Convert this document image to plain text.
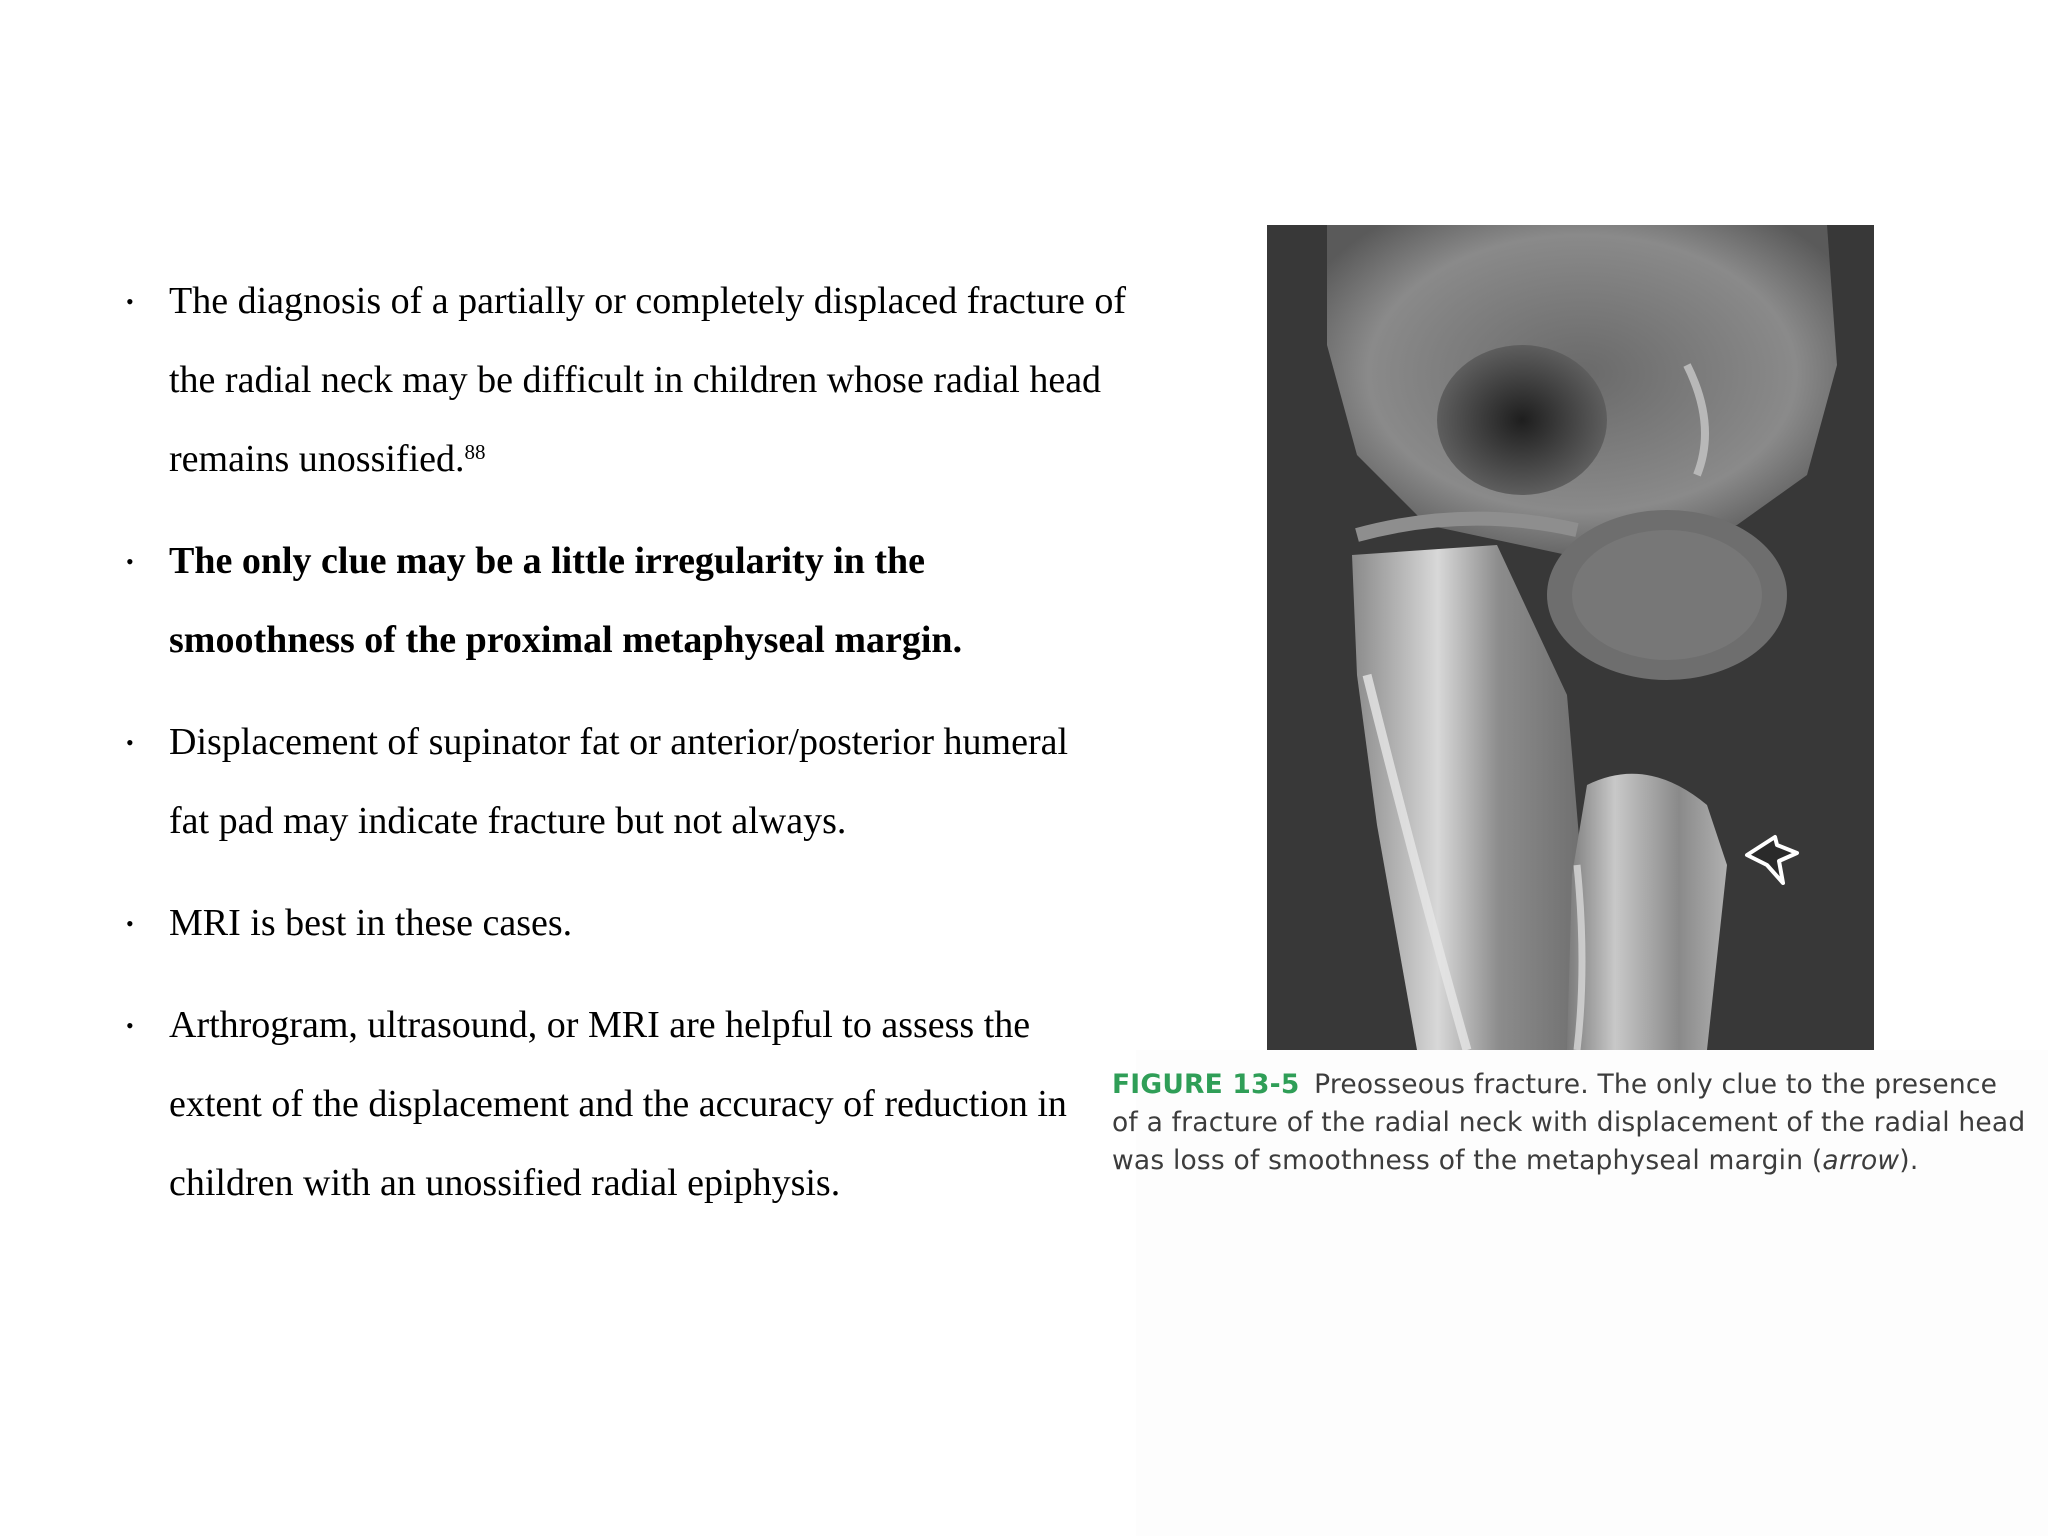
• The diagnosis of a partially or completely displaced fracture of the radial neck may be difficult in children whose radial head remains unossified.$^{88}$
• The only clue may be a little irregularity in the smoothness of the proximal metaphyseal margin.
• Displacement of supinator fat or anterior/posterior humeral fat pad may indicate fracture but not always.
• MRI is best in these cases.
• Arthrogram, ultrasound, or MRI are helpful to assess the extent of the displacement and the accuracy of reduction in children with an unossified radial epiphysis.

FIGURE 13-5 Preosseous fracture. The only clue to the presence
of a fracture of the radial neck with displacement of the radial head
was loss of smoothness of the metaphyseal margin (arrow).
